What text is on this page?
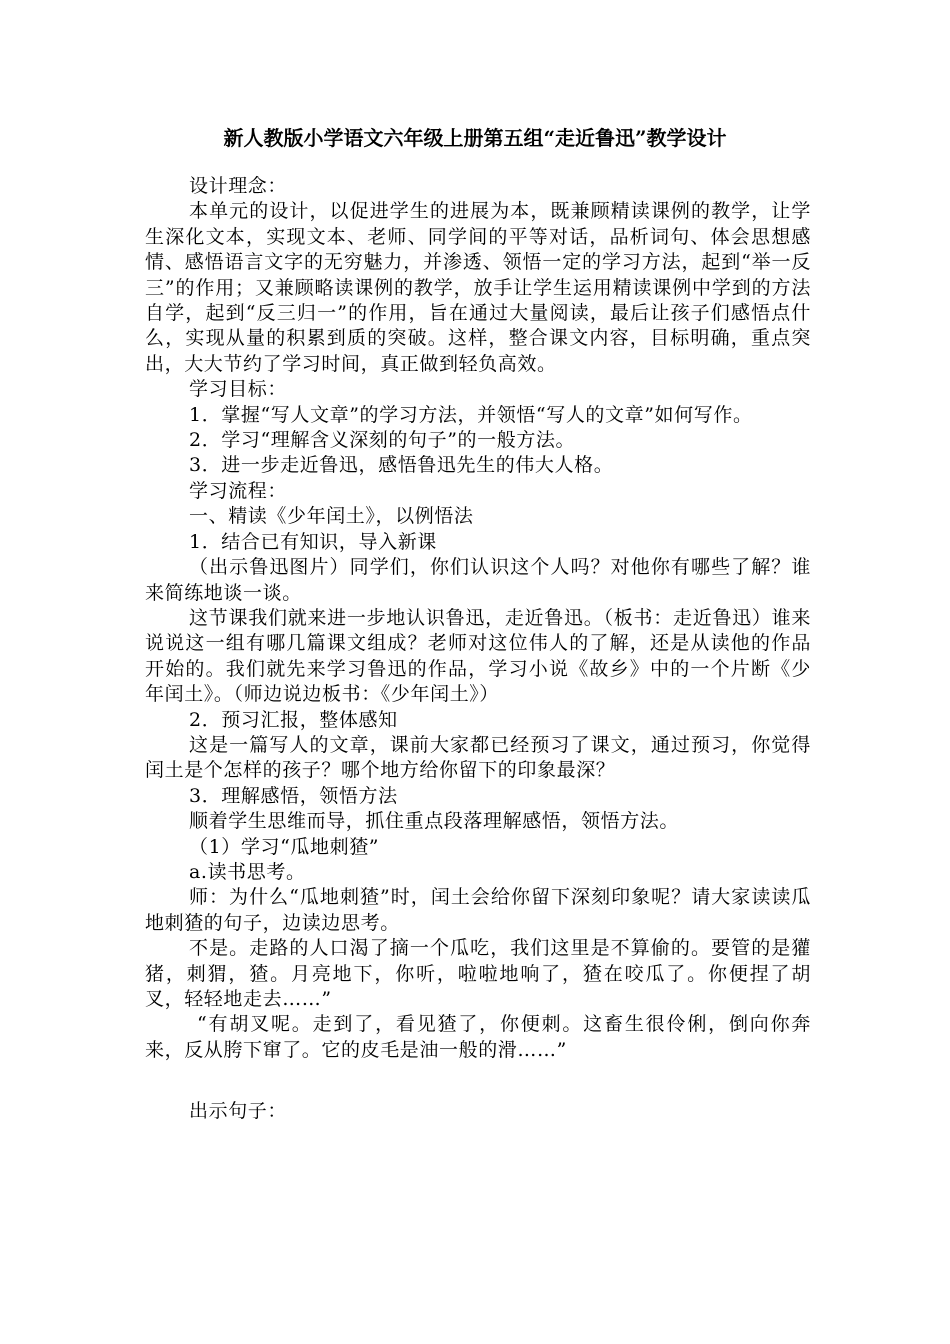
新人教版小学语文六年级上册第五组“走近鲁迅”教学设计

设计理念：

本单元的设计，以促进学生的进展为本，既兼顾精读课例的教学，让学生深化文本，实现文本、老师、同学间的平等对话，品析词句、体会思想感情、感悟语言文字的无穷魅力，并渗透、领悟一定的学习方法，起到“举一反三”的作用；又兼顾略读课例的教学，放手让学生运用精读课例中学到的方法自学，起到“反三归一”的作用，旨在通过大量阅读，最后让孩子们感悟点什么，实现从量的积累到质的突破。这样，整合课文内容，目标明确，重点突出，大大节约了学习时间，真正做到轻负高效。

学习目标：

1．掌握“写人文章”的学习方法，并领悟“写人的文章”如何写作。

2．学习“理解含义深刻的句子”的一般方法。

3．进一步走近鲁迅，感悟鲁迅先生的伟大人格。

学习流程：

一、精读《少年闰土》，以例悟法

1．结合已有知识，导入新课

（出示鲁迅图片）同学们，你们认识这个人吗？对他你有哪些了解？谁来简练地谈一谈。

这节课我们就来进一步地认识鲁迅，走近鲁迅。（板书：走近鲁迅）谁来说说这一组有哪几篇课文组成？老师对这位伟人的了解，还是从读他的作品开始的。我们就先来学习鲁迅的作品，学习小说《故乡》中的一个片断《少年闰土》。（师边说边板书：《少年闰土》）

2．预习汇报，整体感知

这是一篇写人的文章，课前大家都已经预习了课文，通过预习，你觉得闰土是个怎样的孩子？哪个地方给你留下的印象最深？

3．理解感悟，领悟方法

顺着学生思维而导，抓住重点段落理解感悟，领悟方法。

（1）学习“瓜地刺猹”

a.读书思考。

师：为什么“瓜地刺猹”时，闰土会给你留下深刻印象呢？请大家读读瓜地刺猹的句子，边读边思考。

不是。走路的人口渴了摘一个瓜吃，我们这里是不算偷的。要管的是獾猪，刺猬，猹。月亮地下，你听，啦啦地响了，猹在咬瓜了。你便捏了胡叉，轻轻地走去……”

“有胡叉呢。走到了，看见猹了，你便刺。这畜生很伶俐，倒向你奔来，反从胯下窜了。它的皮毛是油一般的滑……”

出示句子：
